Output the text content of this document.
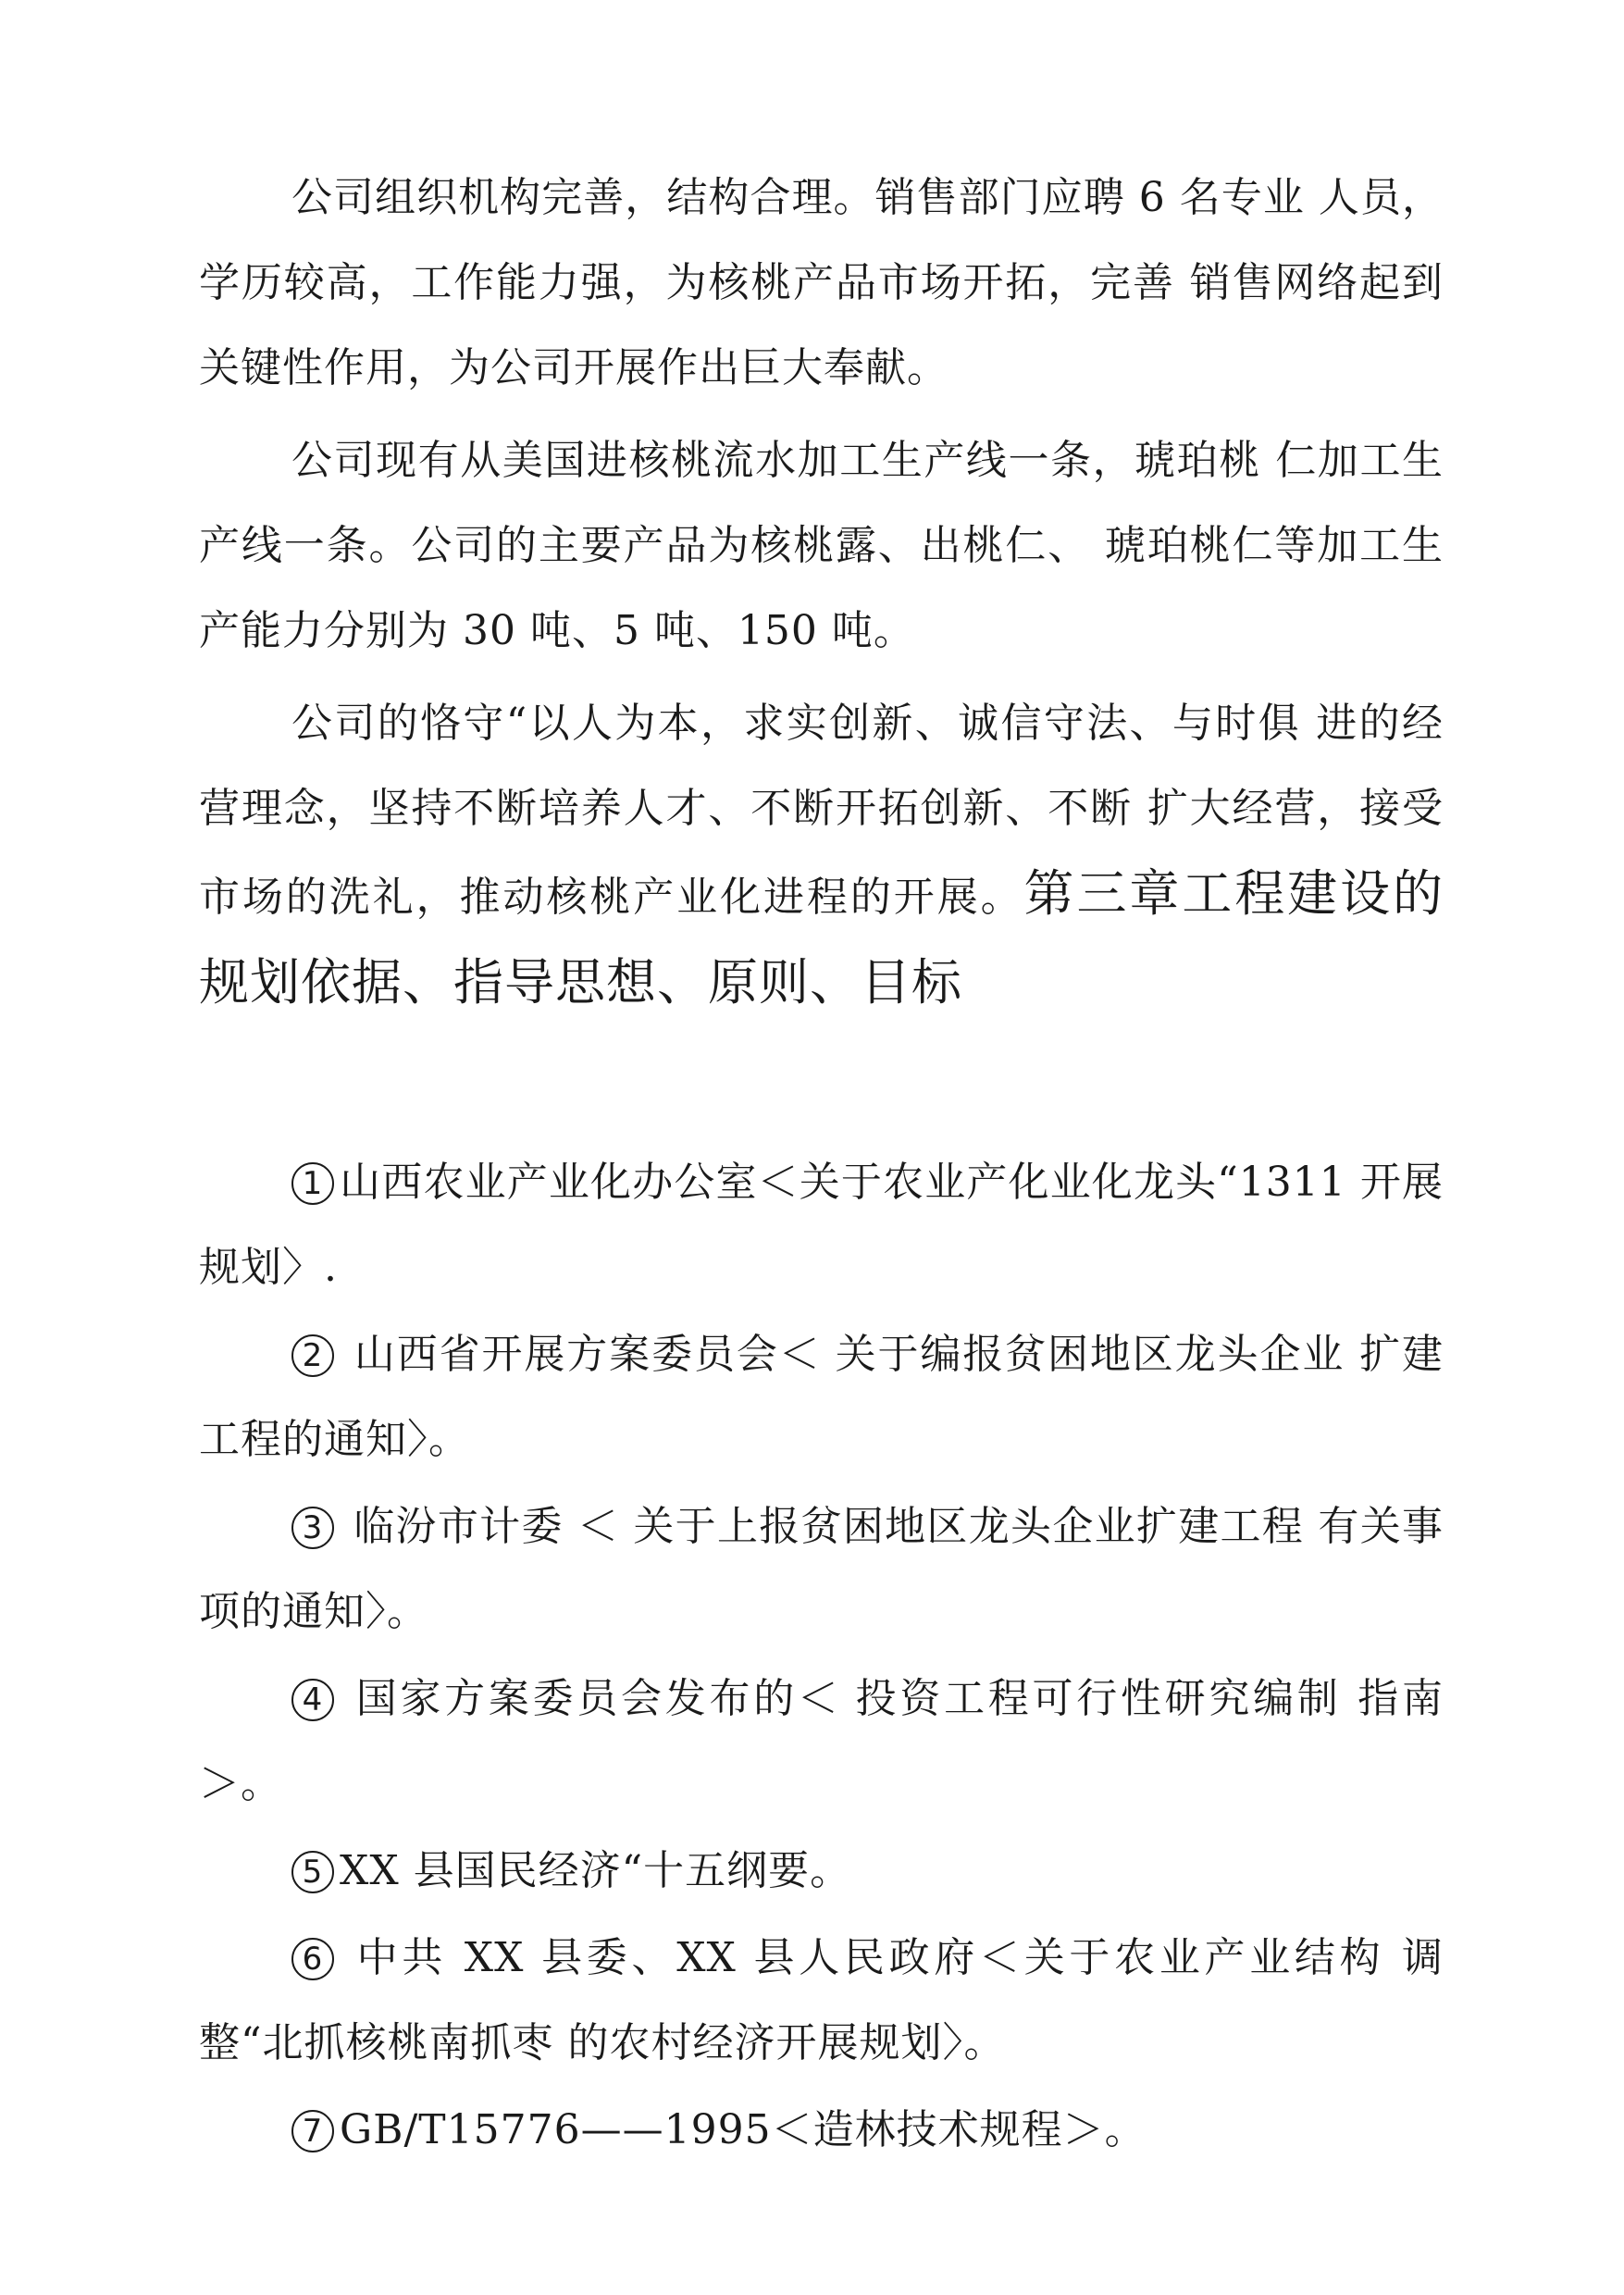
公司组织机构完善，结构合理。销售部门应聘 6 名专业 人员，学历较高，工作能力强，为核桃产品市场开拓，完善 销售网络起到关键性作用，为公司开展作出巨大奉献。

公司现有从美国进核桃流水加工生产线一条，琥珀桃 仁加工生产线一条。公司的主要产品为核桃露、出桃仁、 琥珀桃仁等加工生产能力分别为 30 吨、5 吨、150 吨。

公司的恪守“以人为本，求实创新、诚信守法、与时俱 进的经营理念，坚持不断培养人才、不断开拓创新、不断 扩大经营，接受市场的洗礼，推动核桃产业化进程的开展。第三章工程建设的规划依据、指导思想、原则、目标

1 山西农业产业化办公室＜关于农业产化业化龙头“1311 开展规划〉.

2 山西省开展方案委员会＜ 关于编报贫困地区龙头企业 扩建工程的通知〉。

3 临汾市计委 ＜ 关于上报贫困地区龙头企业扩建工程 有关事项的通知〉。

4 国家方案委员会发布的＜ 投资工程可行性研究编制 指南＞。

5 XX 县国民经济“十五纲要。

6 中共 XX 县委、XX 县人民政府＜关于农业产业结构 调整“北抓核桃南抓枣 的农村经济开展规划〉。

7 GB/T15776——1995＜造林技术规程＞。
